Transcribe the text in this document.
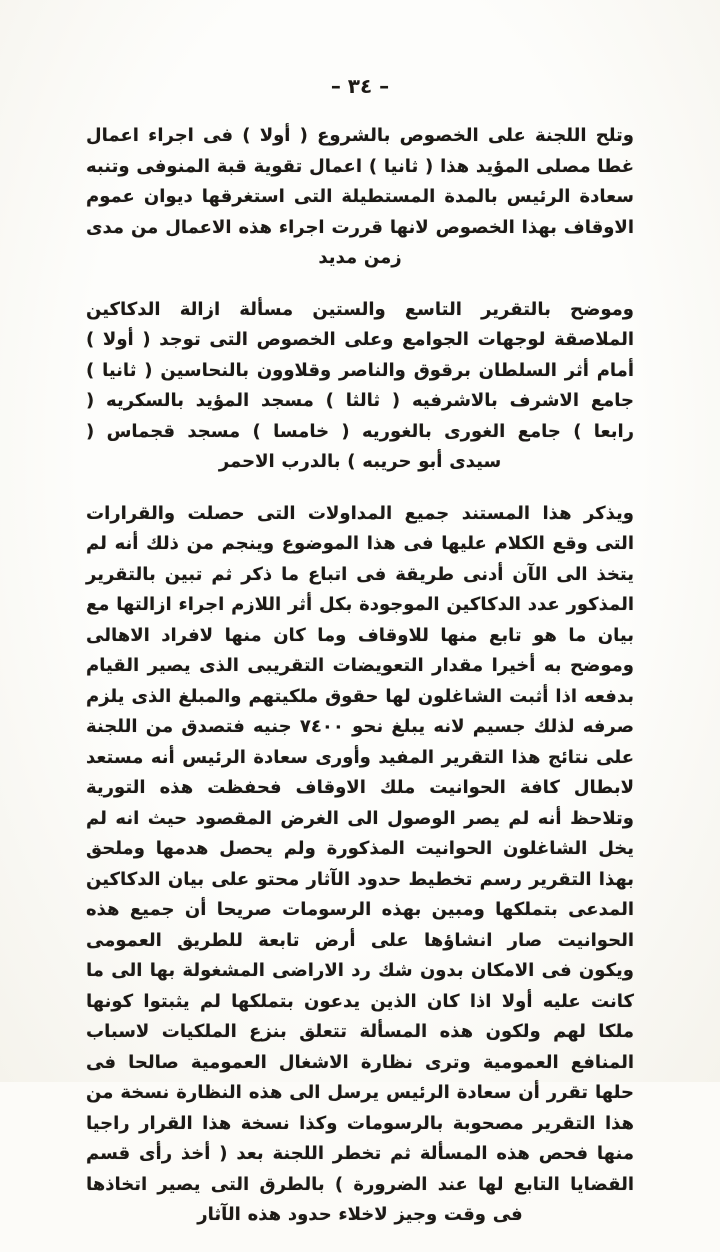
– ٣٤ –

وتلح اللجنة على الخصوص بالشروع ( أولا ) فى اجراء اعمال غطا مصلى المؤيد هذا ( ثانيا ) اعمال تقوية قبة المنوفى وتنبه سعادة الرئيس بالمدة المستطيلة التى استغرقها ديوان عموم الاوقاف بهذا الخصوص لانها قررت اجراء هذه الاعمال من مدى زمن مديد

وموضح بالتقرير التاسع والستين مسألة ازالة الدكاكين الملاصقة لوجهات الجوامع وعلى الخصوص التى توجد ( أولا ) أمام أثر السلطان برقوق والناصر وقلاوون بالنحاسين ( ثانيا ) جامع الاشرف بالاشرفيه ( ثالثا ) مسجد المؤيد بالسكريه ( رابعا ) جامع الغورى بالغوريه ( خامسا ) مسجد قجماس ( سيدى أبو حريبه ) بالدرب الاحمر

ويذكر هذا المستند جميع المداولات التى حصلت والقرارات التى وقع الكلام عليها فى هذا الموضوع وينجم من ذلك أنه لم يتخذ الى الآن أدنى طريقة فى اتباع ما ذكر ثم تبين بالتقرير المذكور عدد الدكاكين الموجودة بكل أثر اللازم اجراء ازالتها مع بيان ما هو تابع منها للاوقاف وما كان منها لافراد الاهالى وموضح به أخيرا مقدار التعويضات التقريبى الذى يصير القيام بدفعه اذا أثبت الشاغلون لها حقوق ملكيتهم والمبلغ الذى يلزم صرفه لذلك جسيم لانه يبلغ نحو ٧٤٠٠ جنيه فتصدق من اللجنة على نتائج هذا التقرير المفيد وأورى سعادة الرئيس أنه مستعد لابطال كافة الحوانيت ملك الاوقاف فحفظت هذه التورية وتلاحظ أنه لم يصر الوصول الى الغرض المقصود حيث انه لم يخل الشاغلون الحوانيت المذكورة ولم يحصل هدمها وملحق بهذا التقرير رسم تخطيط حدود الآثار محتو على بيان الدكاكين المدعى بتملكها ومبين بهذه الرسومات صريحا أن جميع هذه الحوانيت صار انشاؤها على أرض تابعة للطريق العمومى ويكون فى الامكان بدون شك رد الاراضى المشغولة بها الى ما كانت عليه أولا اذا كان الذين يدعون بتملكها لم يثبتوا كونها ملكا لهم ولكون هذه المسألة تتعلق بنزع الملكيات لاسباب المنافع العمومية وترى نظارة الاشغال العمومية صالحا فى حلها تقرر أن سعادة الرئيس يرسل الى هذه النظارة نسخة من هذا التقرير مصحوبة بالرسومات وكذا نسخة هذا القرار راجيا منها فحص هذه المسألة ثم تخطر اللجنة بعد ( أخذ رأى قسم القضايا التابع لها عند الضرورة ) بالطرق التى يصير اتخاذها فى وقت وجيز لاخلاء حدود هذه الآثار
